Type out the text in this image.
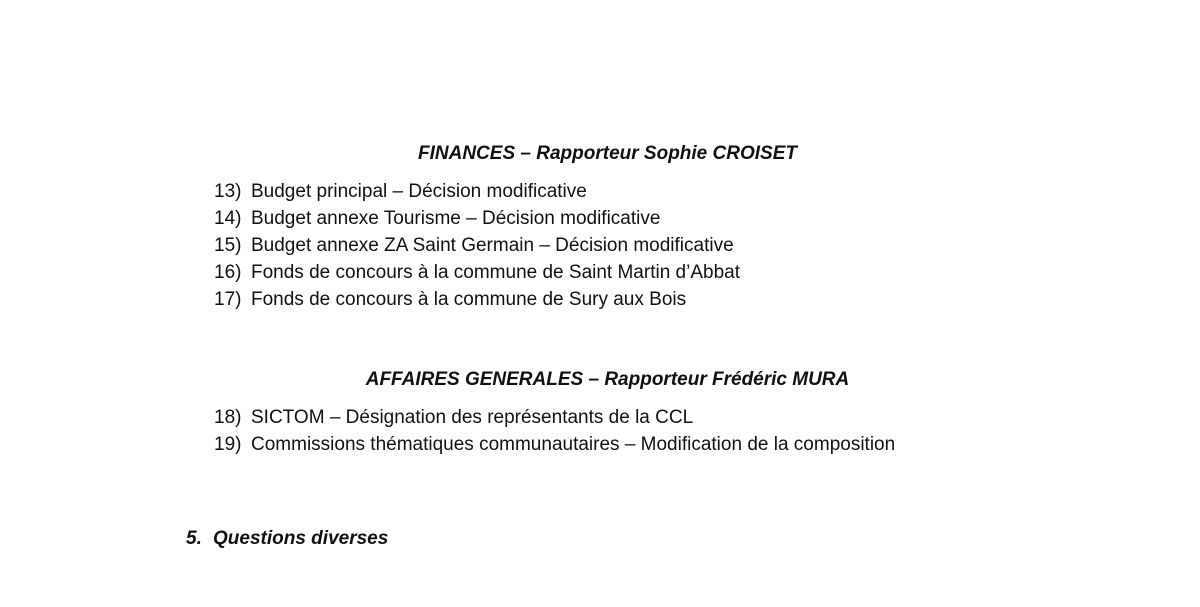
FINANCES – Rapporteur Sophie CROISET
13) Budget principal – Décision modificative
14) Budget annexe Tourisme – Décision modificative
15) Budget annexe ZA Saint Germain – Décision modificative
16) Fonds de concours à la commune de Saint Martin d’Abbat
17) Fonds de concours à la commune de Sury aux Bois
AFFAIRES GENERALES – Rapporteur Frédéric MURA
18) SICTOM – Désignation des représentants de la CCL
19) Commissions thématiques communautaires – Modification de la composition
5. Questions diverses
